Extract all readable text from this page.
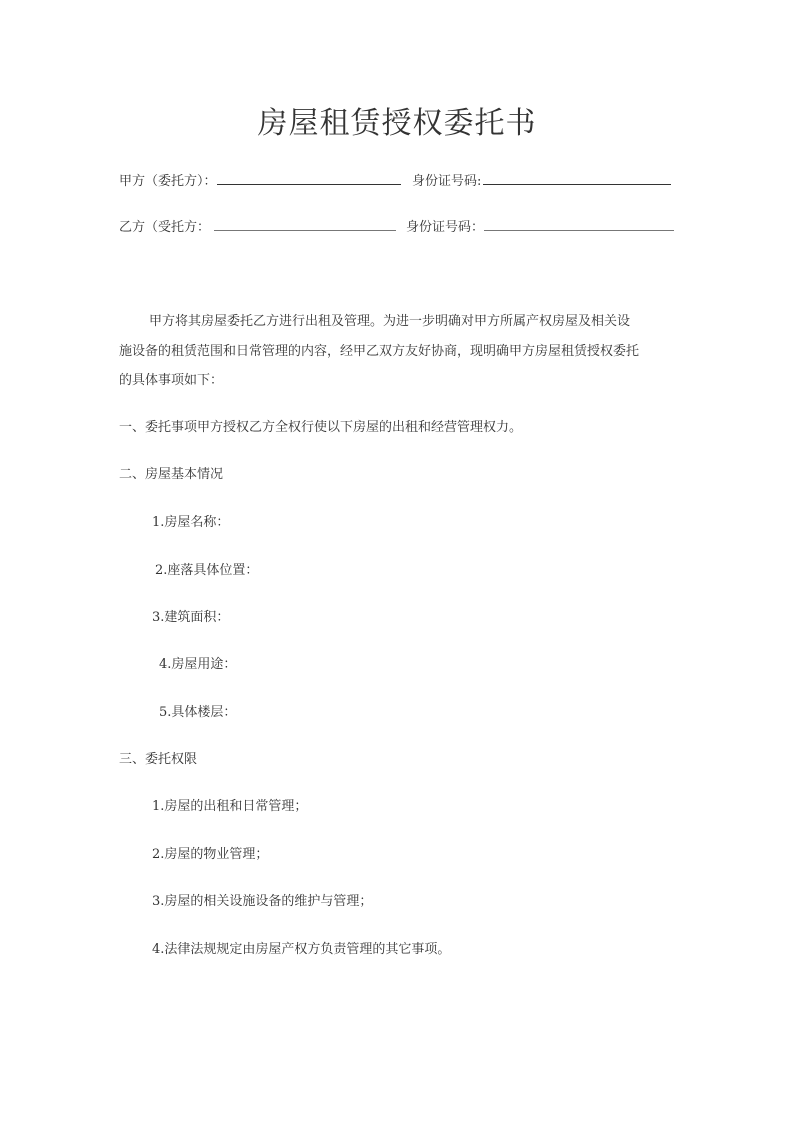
房屋租赁授权委托书
甲方（委托方）：	身份证号码:
乙方（受托方：	身份证号码：
甲方将其房屋委托乙方进行出租及管理。为进一步明确对甲方所属产权房屋及相关设
施设备的租赁范围和日常管理的内容，经甲乙双方友好协商，现明确甲方房屋租赁授权委托
的具体事项如下：
一、委托事项甲方授权乙方全权行使以下房屋的出租和经营管理权力。
二、房屋基本情况
1.房屋名称：
2.座落具体位置：
3.建筑面积：
4.房屋用途：
5.具体楼层：
三、委托权限
1.房屋的出租和日常管理；
2.房屋的物业管理；
3.房屋的相关设施设备的维护与管理；
4.法律法规规定由房屋产权方负责管理的其它事项。
